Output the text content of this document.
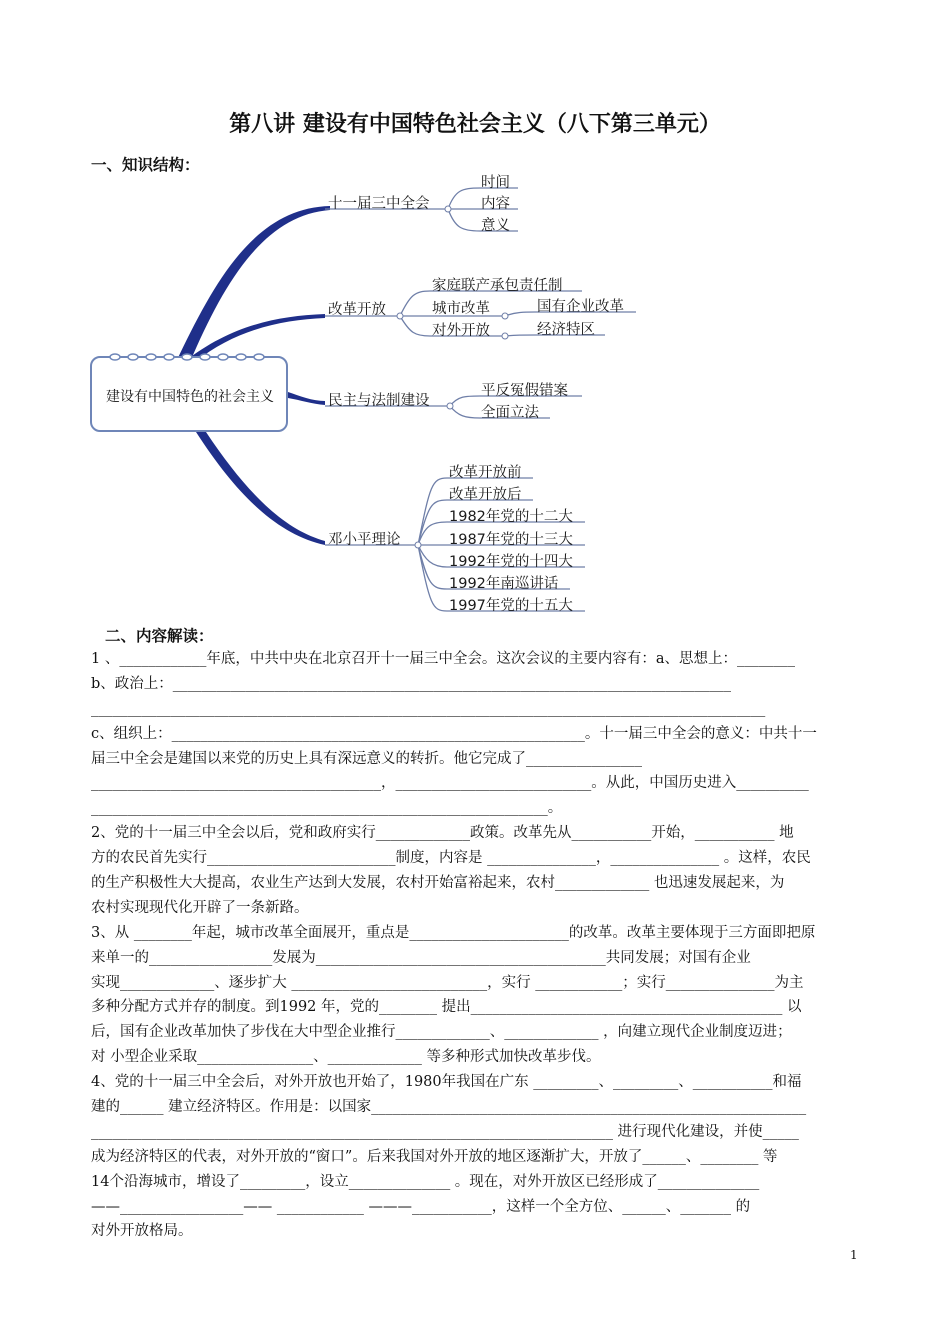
第八讲 建设有中国特色社会主义（八下第三单元）
一、知识结构：
建设有中国特色的社会主义
十一届三中全会
时间
内容
意义
改革开放
家庭联产承包责任制
城市改革	国有企业改革
对外开放	经济特区
民主与法制建设
平反冤假错案
全面立法
邓小平理论
改革开放前
改革开放后
1982年党的十二大
1987年党的十三大
1992年党的十四大
1992年南巡讲话
1997年党的十五大
二、内容解读：
1 、____________年底，中共中央在北京召开十一届三中全会。这次会议的主要内容有：a、思想上：________
b、政治上：_____________________________________________________________________________
_____________________________________________________________________________________________
c、组织上：_________________________________________________________。十一届三中全会的意义：中共十一
届三中全会是建国以来党的历史上具有深远意义的转折。他它完成了________________
________________________________________，___________________________。从此，中国历史进入__________
_______________________________________________________________。
2、党的十一届三中全会以后，党和政府实行_____________政策。改革先从___________开始，___________ 地
方的农民首先实行__________________________制度，内容是 _______________，_______________ 。这样，农民
的生产积极性大大提高，农业生产达到大发展，农村开始富裕起来，农村_____________ 也迅速发展起来，为
农村实现现代化开辟了一条新路。
3、从 ________年起，城市改革全面展开，重点是______________________的改革。改革主要体现于三方面即把原
来单一的_________________发展为________________________________________共同发展；对国有企业
实现_____________、逐步扩大 ___________________________，实行 ____________；实行_______________为主
多种分配方式并存的制度。到1992 年，党的________ 提出___________________________________________ 以
后，国有企业改革加快了步伐在大中型企业推行_____________、_____________ ，向建立现代企业制度迈进；
对 小型企业采取________________、_____________ 等多种形式加快改革步伐。
4、党的十一届三中全会后，对外开放也开始了，1980年我国在广东 _________、_________、___________和福
建的______ 建立经济特区。作用是：以国家____________________________________________________________
________________________________________________________________________ 进行现代化建设，并使_____
成为经济特区的代表，对外开放的“窗口”。后来我国对外开放的地区逐渐扩大，开放了______、________ 等
14个沿海城市，增设了_________，设立______________ 。现在，对外开放区已经形成了______________
——_________________—— ____________ ———___________，这样一个全方位、______、_______ 的
对外开放格局。
1
